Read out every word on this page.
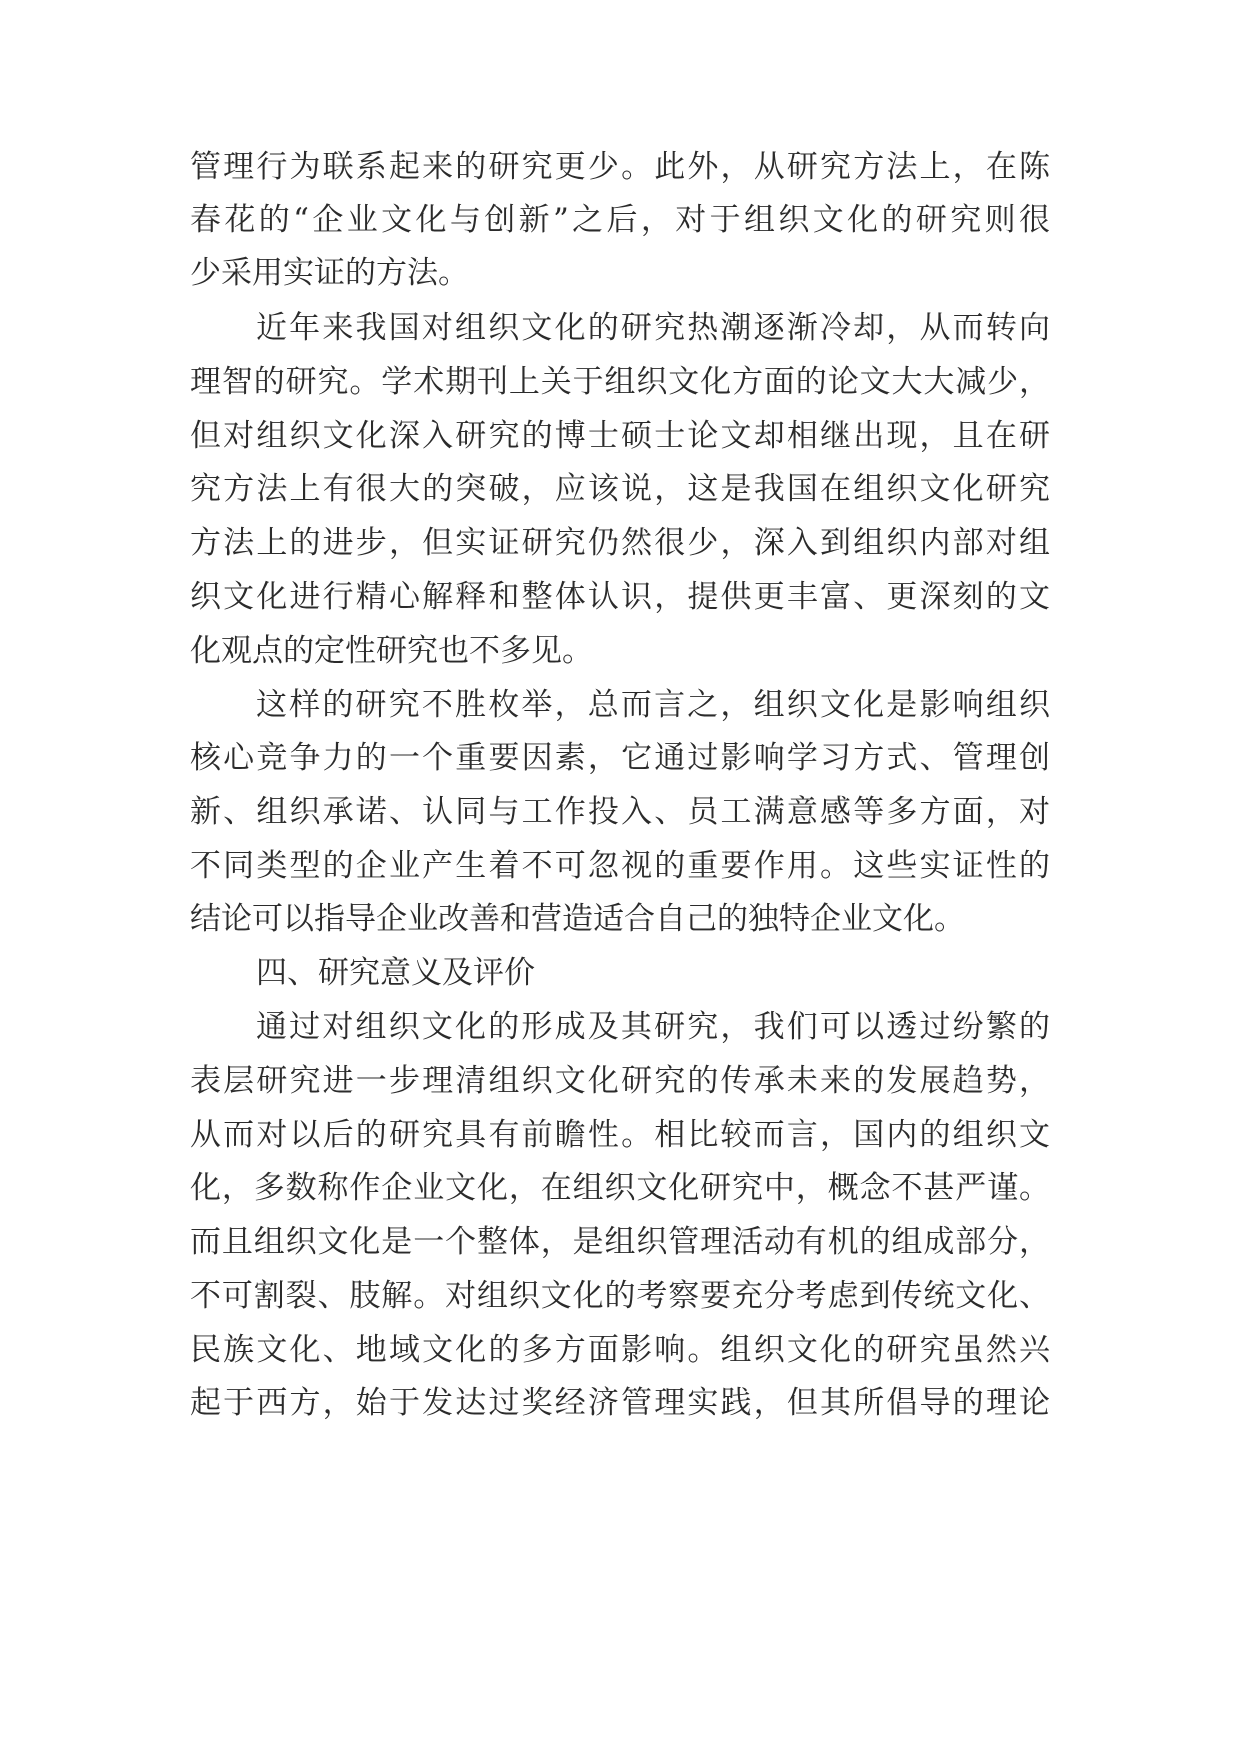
管理行为联系起来的研究更少。此外，从研究方法上，在陈
春花的“企业文化与创新”之后，对于组织文化的研究则很
少采用实证的方法。
近年来我国对组织文化的研究热潮逐渐冷却，从而转向
理智的研究。学术期刊上关于组织文化方面的论文大大减少，
但对组织文化深入研究的博士硕士论文却相继出现，且在研
究方法上有很大的突破，应该说，这是我国在组织文化研究
方法上的进步，但实证研究仍然很少，深入到组织内部对组
织文化进行精心解释和整体认识，提供更丰富、更深刻的文
化观点的定性研究也不多见。
这样的研究不胜枚举，总而言之，组织文化是影响组织
核心竞争力的一个重要因素，它通过影响学习方式、管理创
新、组织承诺、认同与工作投入、员工满意感等多方面，对
不同类型的企业产生着不可忽视的重要作用。这些实证性的
结论可以指导企业改善和营造适合自己的独特企业文化。
四、研究意义及评价
通过对组织文化的形成及其研究，我们可以透过纷繁的
表层研究进一步理清组织文化研究的传承未来的发展趋势，
从而对以后的研究具有前瞻性。相比较而言，国内的组织文
化，多数称作企业文化，在组织文化研究中，概念不甚严谨。
而且组织文化是一个整体，是组织管理活动有机的组成部分，
不可割裂、肢解。对组织文化的考察要充分考虑到传统文化、
民族文化、地域文化的多方面影响。组织文化的研究虽然兴
起于西方，始于发达过奖经济管理实践，但其所倡导的理论
